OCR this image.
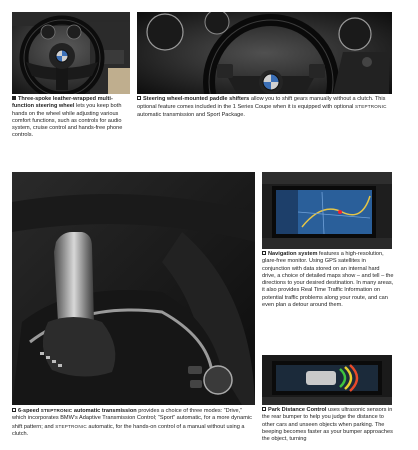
Three-spoke leather-wrapped multi-function steering wheel lets you keep both hands on the wheel while adjusting various comfort functions, such as controls for audio system, cruise control and hands-free phone controls.
Steering wheel-mounted paddle shifters allow you to shift gears manually without a clutch. This optional feature comes included in the 1 Series Coupe when it is equipped with optional STEPTRONIC automatic transmission and Sport Package.
Navigation system features a high-resolution, glare-free monitor. Using GPS satellites in conjunction with data stored on an internal hard drive, a choice of detailed maps show – and tell – the directions to your desired destination. In many areas, it also provides Real Time Traffic Information on potential traffic problems along your route, and can even plan a detour around them.
6-speed STEPTRONIC automatic transmission provides a choice of three modes: “Drive,” which incorporates BMW’s Adaptive Transmission Control; “Sport” automatic, for a more dynamic shift pattern; and STEPTRONIC automatic, for the hands-on control of a manual without using a clutch.
Park Distance Control uses ultrasonic sensors in the rear bumper to help you judge the distance to other cars and unseen objects when parking. The beeping becomes faster as your bumper approaches the object, turning
